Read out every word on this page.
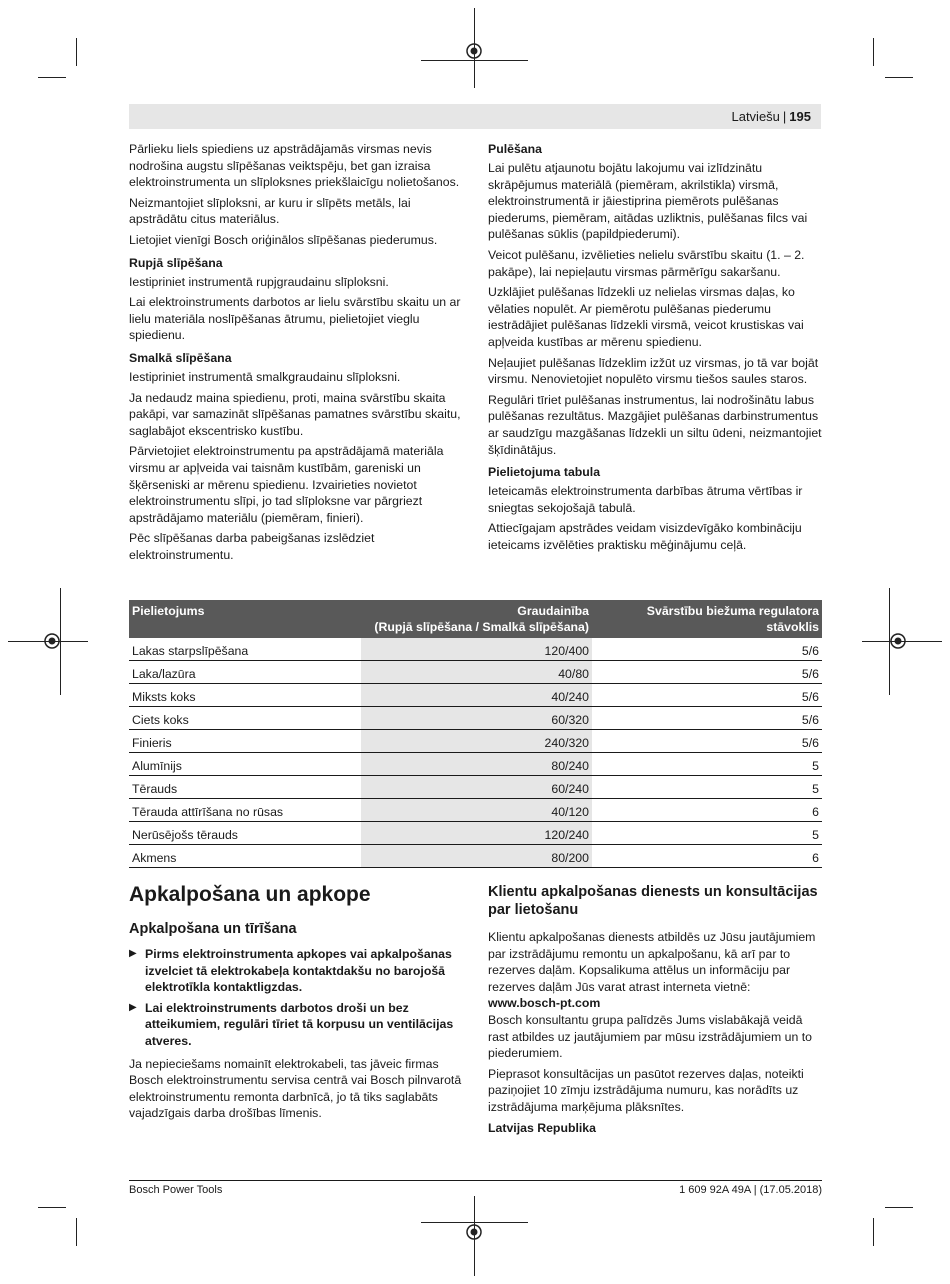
Latviešu | 195

Pārlieku liels spiediens uz apstrādājamās virsmas nevis nodrošina augstu slīpēšanas veiktspēju, bet gan izraisa elektroinstrumenta un slīploksnes priekšlaicīgu nolietošanos.

Neizmantojiet slīploksni, ar kuru ir slīpēts metāls, lai apstrādātu citus materiālus.

Lietojiet vienīgi Bosch oriģinālos slīpēšanas piederumus.

Rupjā slīpēšana

Iestipriniet instrumentā rupjgraudainu slīploksni.

Lai elektroinstruments darbotos ar lielu svārstību skaitu un ar lielu materiāla noslīpēšanas ātrumu, pielietojiet vieglu spiedienu.

Smalkā slīpēšana

Iestipriniet instrumentā smalkgraudainu slīploksni.

Ja nedaudz maina spiedienu, proti, maina svārstību skaita pakāpi, var samazināt slīpēšanas pamatnes svārstību skaitu, saglabājot ekscentrisko kustību.

Pārvietojiet elektroinstrumentu pa apstrādājamā materiāla virsmu ar apļveida vai taisnām kustībām, gareniski un šķērseniski ar mērenu spiedienu. Izvairieties novietot elektroinstrumentu slīpi, jo tad slīploksne var pārgriezt apstrādājamo materiālu (piemēram, finieri).

Pēc slīpēšanas darba pabeigšanas izslēdziet elektroinstrumentu.

Pulēšana

Lai pulētu atjaunotu bojātu lakojumu vai izlīdzinātu skrāpējumus materiālā (piemēram, akrilstikla) virsmā, elektroinstrumentā ir jāiestiprina piemērots pulēšanas piederums, piemēram, aitādas uzliktnis, pulēšanas filcs vai pulēšanas sūklis (papildpiederumi).

Veicot pulēšanu, izvēlieties nelielu svārstību skaitu (1. – 2. pakāpe), lai nepieļautu virsmas pārmērīgu sakaršanu.

Uzklājiet pulēšanas līdzekli uz nelielas virsmas daļas, ko vēlaties nopulēt. Ar piemērotu pulēšanas piederumu iestrādājiet pulēšanas līdzekli virsmā, veicot krustiskas vai apļveida kustības ar mērenu spiedienu.

Neļaujiet pulēšanas līdzeklim izžūt uz virsmas, jo tā var bojāt virsmu. Nenovietojiet nopulēto virsmu tiešos saules staros.

Regulāri tīriet pulēšanas instrumentus, lai nodrošinātu labus pulēšanas rezultātus. Mazgājiet pulēšanas darbinstrumentus ar saudzīgu mazgāšanas līdzekli un siltu ūdeni, neizmantojiet šķīdinātājus.

Pielietojuma tabula

Ieteicamās elektroinstrumenta darbības ātruma vērtības ir sniegtas sekojošajā tabulā.

Attiecīgajam apstrādes veidam visizdevīgāko kombināciju ieteicams izvēlēties praktisku mēģinājumu ceļā.

Pielietojums	Graudainība
(Rupjā slīpēšana / Smalkā slīpēšana)	Svārstību biežuma regulatora
stāvoklis
Lakas starpslīpēšana	120/400	5/6
Laka/lazūra	40/80	5/6
Miksts koks	40/240	5/6
Ciets koks	60/320	5/6
Finieris	240/320	5/6
Alumīnijs	80/240	5
Tērauds	60/240	5
Tērauda attīrīšana no rūsas	40/120	6
Nerūsējošs tērauds	120/240	5
Akmens	80/200	6
Apkalpošana un apkope
Apkalpošana un tīrīšana
▶ Pirms elektroinstrumenta apkopes vai apkalpošanas izvelciet tā elektrokabeļa kontaktdakšu no barojošā elektrotīkla kontaktligzdas.
▶ Lai elektroinstruments darbotos droši un bez atteikumiem, regulāri tīriet tā korpusu un ventilācijas atveres.

Ja nepieciešams nomainīt elektrokabeli, tas jāveic firmas Bosch elektroinstrumentu servisa centrā vai Bosch pilnvarotā elektroinstrumentu remonta darbnīcā, jo tā tiks saglabāts vajadzīgais darba drošības līmenis.

Klientu apkalpošanas dienests un konsultācijas par lietošanu

Klientu apkalpošanas dienests atbildēs uz Jūsu jautājumiem par izstrādājumu remontu un apkalpošanu, kā arī par to rezerves daļām. Kopsalikuma attēlus un informāciju par rezerves daļām Jūs varat atrast interneta vietnē:

www.bosch-pt.com

Bosch konsultantu grupa palīdzēs Jums vislabākajā veidā rast atbildes uz jautājumiem par mūsu izstrādājumiem un to piederumiem.

Pieprasot konsultācijas un pasūtot rezerves daļas, noteikti paziņojiet 10 zīmju izstrādājuma numuru, kas norādīts uz izstrādājuma marķējuma plāksnītes.

Latvijas Republika

Bosch Power Tools	1 609 92A 49A | (17.05.2018)
